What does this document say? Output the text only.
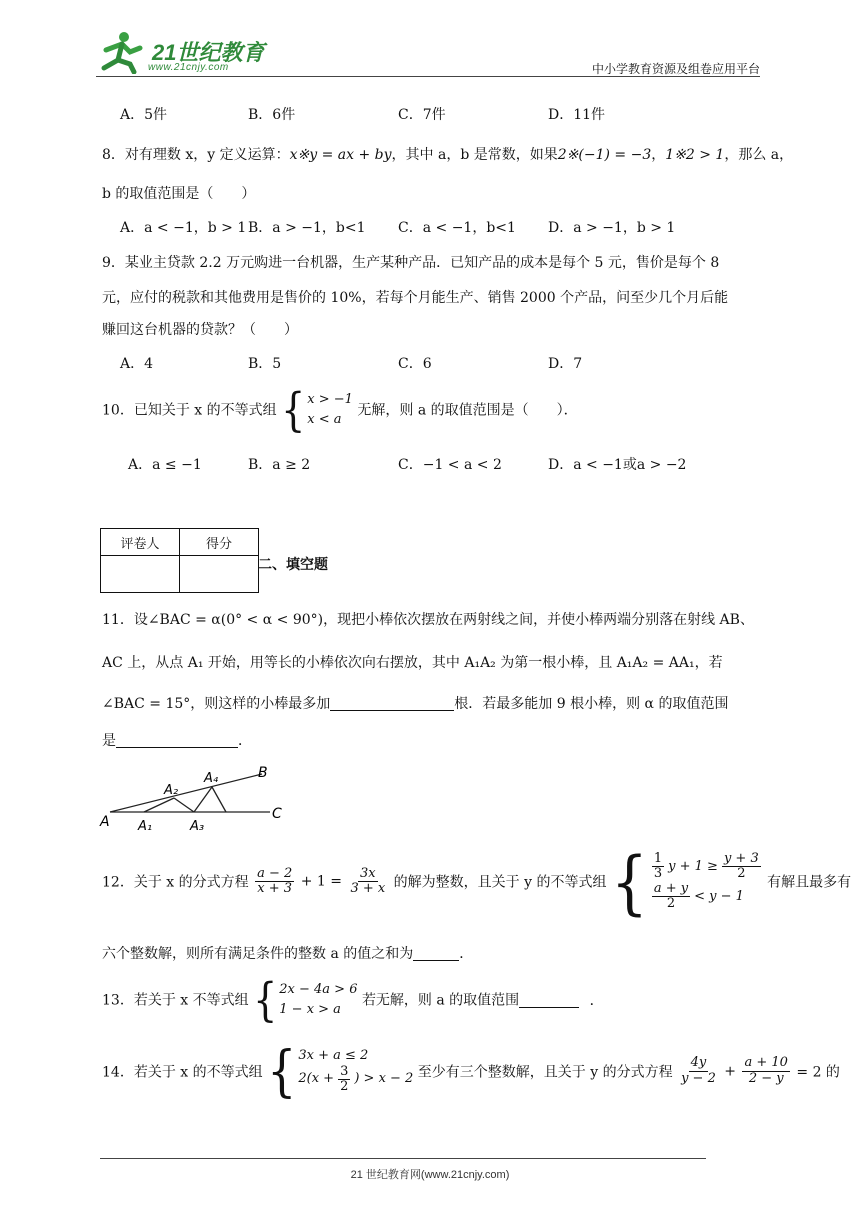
21世纪教育
www.21cnjy.com	中小学教育资源及组卷应用平台
A．5件	B．6件	C．7件	D．11件
8．对有理数 x，y 定义运算：x※y = ax + by，其中 a，b 是常数，如果2※(−1) = −3，1※2 > 1，那么 a，
b 的取值范围是（　　）
A．a < −1，b > 1 B．a > −1，b<1 C．a < −1，b<1 D．a > −1，b > 1
9．某业主贷款 2.2 万元购进一台机器，生产某种产品．已知产品的成本是每个 5 元，售价是每个 8
元，应付的税款和其他费用是售价的 10%，若每个月能生产、销售 2000 个产品，问至少几个月后能
赚回这台机器的贷款？（　　）
A．4	B．5	C．6	D．7
10．已知关于 x 的不等式组 { x > −1
x < a
无解，则 a 的取值范围是（　　）．
A．a ≤ −1	B．a ≥ 2	C．−1 < a < 2	D．a < −1或a > −2
评卷人	得分

二、填空题
11．设∠BAC = α(0° < α < 90°)，现把小棒依次摆放在两射线之间，并使小棒两端分别落在射线 AB、
AC 上，从点 A₁ 开始，用等长的小棒依次向右摆放，其中 A₁A₂ 为第一根小棒，且 A₁A₂ = AA₁，若
∠BAC = 15°，则这样的小棒最多加	根．若最多能加 9 根小棒，则 α 的取值范围
是	．
A A₁
A₂
A₃
A₄	B
C
12．关于 x 的分式方程 $\frac{a - 2}{x + 3} + 1 = \frac{3x}{3 + x}$ 的解为整数，且关于 y 的不等式组 { $\frac{1}{3}$ $y + 1 \ge \frac{y + 3}{2}$
$\frac{a + y}{2} < y - 1$
有解且最多有
六个整数解，则所有满足条件的整数 a 的值之和为	．
13．若关于 x 不等式组 { 2x − 4a > 6
1 − x > a
若无解，则 a 的取值范围	．
14．若关于 x 的不等式组 { 3x + a ≤ 2
$2(x + \frac{3}{2}$ ) > x − 2 至少有三个整数解，且关于 y 的分式方程 $\frac{4y}{y - 2} + \frac{a + 10}{2 - y} = 2$ 的
21 世纪教育网(www.21cnjy.com)
